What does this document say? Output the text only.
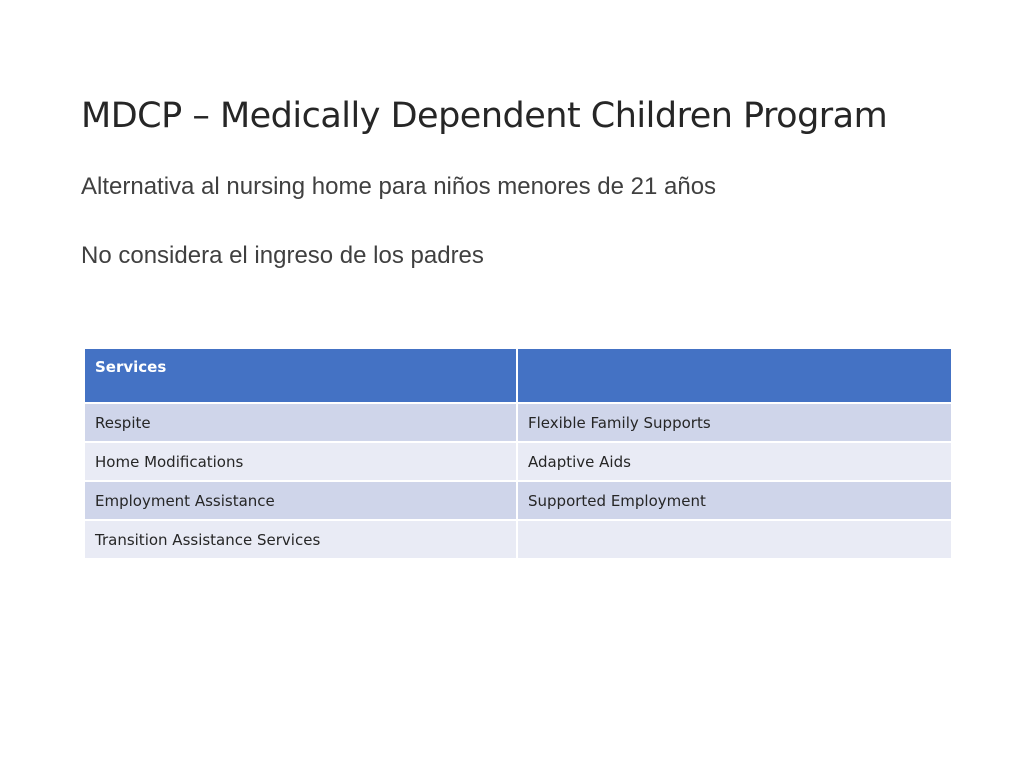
MDCP – Medically Dependent Children Program
Alternativa al nursing home para niños menores de 21 años
No considera el ingreso de los padres
Services	
Respite	Flexible Family Supports
Home Modifications	Adaptive Aids
Employment Assistance	Supported Employment
Transition Assistance Services	
